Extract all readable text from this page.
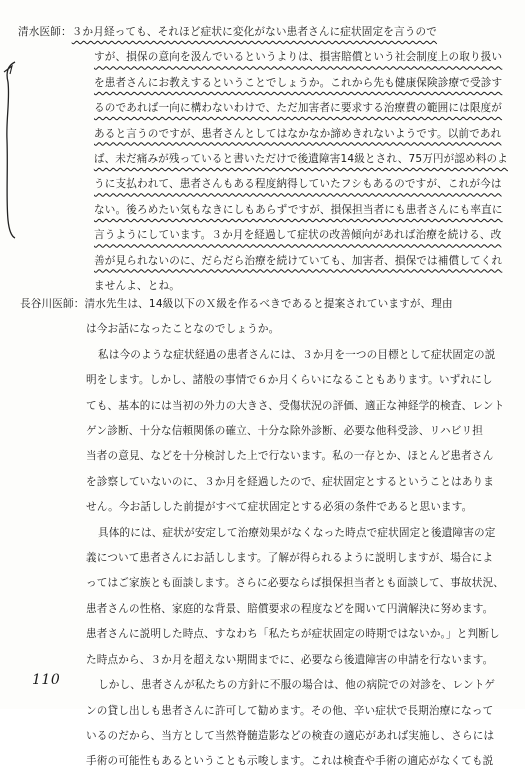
清水医師：３か月経っても、それほど症状に変化がない患者さんに症状固定を言うので
すが、損保の意向を汲んでいるというよりは、損害賠償という社会制度上の取り扱い
を患者さんにお教えするということでしょうか。これから先も健康保険診療で受診す
るのであれば一向に構わないわけで、ただ加害者に要求する治療費の範囲には限度が
あると言うのですが、患者さんとしてはなかなか諦めきれないようです。以前であれ
ば、未だ痛みが残っていると書いただけで後遺障害14級とされ、75万円が認め料のよ
うに支払われて、患者さんもある程度納得していたフシもあるのですが、これが今は
ない。後ろめたい気もなきにしもあらずですが、損保担当者にも患者さんにも率直に
言うようにしています。３か月を経過して症状の改善傾向があれば治療を続ける、改
善が見られないのに、だらだら治療を続けていても、加害者、損保では補償してくれ
ませんよ、とね。
長谷川医師：清水先生は、14級以下のＸ級を作るべきであると提案されていますが、理由
は今お話になったことなのでしょうか。
私は今のような症状経過の患者さんには、３か月を一つの目標として症状固定の説
明をします。しかし、諸般の事情で６か月くらいになることもあります。いずれにし
ても、基本的には当初の外力の大きさ、受傷状況の評価、適正な神経学的検査、レント
ゲン診断、十分な信頼関係の確立、十分な除外診断、必要な他科受診、リハビリ担
当者の意見、などを十分検討した上で行ないます。私の一存とか、ほとんど患者さん
を診察していないのに、３か月を経過したので、症状固定とするということはありま
せん。今お話しした前提がすべて症状固定とする必須の条件であると思います。
具体的には、症状が安定して治療効果がなくなった時点で症状固定と後遺障害の定
義について患者さんにお話しします。了解が得られるように説明しますが、場合によ
ってはご家族とも面談します。さらに必要ならば損保担当者とも面談して、事故状況、
患者さんの性格、家庭的な背景、賠償要求の程度などを聞いて円満解決に努めます。
患者さんに説明した時点、すなわち「私たちが症状固定の時期ではないか。」と判断し
た時点から、３か月を超えない期間までに、必要なら後遺障害の申請を行ないます。
しかし、患者さんが私たちの方針に不服の場合は、他の病院での対診を、レントゲ
ンの貸し出しも患者さんに許可して勧めます。その他、辛い症状で長期治療になって
いるのだから、当方として当然脊髄造影などの検査の適応があれば実施し、さらには
手術の可能性もあるということも示唆します。これは検査や手術の適応がなくても説
110
